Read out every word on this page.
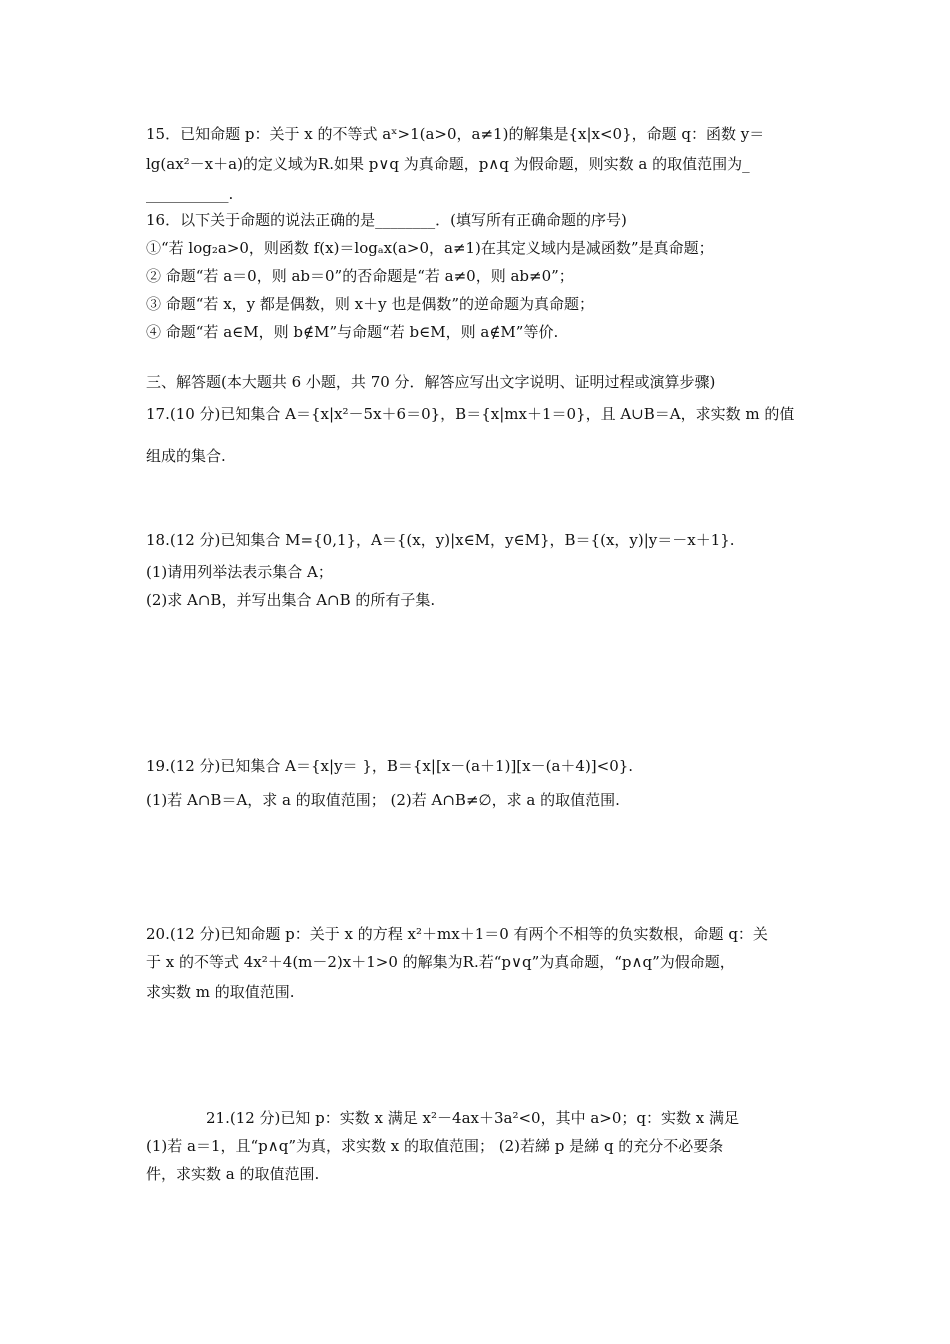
15．已知命题 p：关于 x 的不等式 aˣ>1(a>0，a≠1)的解集是{x|x<0}，命题 q：函数 y＝
lg(ax²－x＋a)的定义域为R.如果 p∨q 为真命题，p∧q 为假命题，则实数 a 的取值范围为_
___________.
16．以下关于命题的说法正确的是________．(填写所有正确命题的序号)
①“若 log₂a>0，则函数 f(x)＝logₐx(a>0，a≠1)在其定义域内是减函数”是真命题；
② 命题“若 a＝0，则 ab＝0”的否命题是“若 a≠0，则 ab≠0”；
③ 命题“若 x，y 都是偶数，则 x＋y 也是偶数”的逆命题为真命题；
④ 命题“若 a∈M，则 b∉M”与命题“若 b∈M，则 a∉M”等价.
三、解答题(本大题共 6 小题，共 70 分．解答应写出文字说明、证明过程或演算步骤)
17.(10 分)已知集合 A＝{x|x²－5x＋6＝0}，B＝{x|mx＋1＝0}，且 A∪B＝A，求实数 m 的值
组成的集合.
18.(12 分)已知集合 M={0,1}，A＝{(x，y)|x∈M，y∈M}，B＝{(x，y)|y＝－x＋1}.
(1)请用列举法表示集合 A；
(2)求 A∩B，并写出集合 A∩B 的所有子集.
19.(12 分)已知集合 A＝{x|y＝ }，B＝{x|[x－(a＋1)][x－(a＋4)]<0}.
(1)若 A∩B＝A，求 a 的取值范围； (2)若 A∩B≠∅，求 a 的取值范围.
20.(12 分)已知命题 p：关于 x 的方程 x²＋mx＋1＝0 有两个不相等的负实数根，命题 q：关
于 x 的不等式 4x²＋4(m－2)x＋1>0 的解集为R.若“p∨q”为真命题，“p∧q”为假命题，
求实数 m 的取值范围.
21.(12 分)已知 p：实数 x 满足 x²－4ax＋3a²<0，其中 a>0；q：实数 x 满足
(1)若 a＝1，且“p∧q”为真，求实数 x 的取值范围； (2)若綈 p 是綈 q 的充分不必要条
件，求实数 a 的取值范围.
